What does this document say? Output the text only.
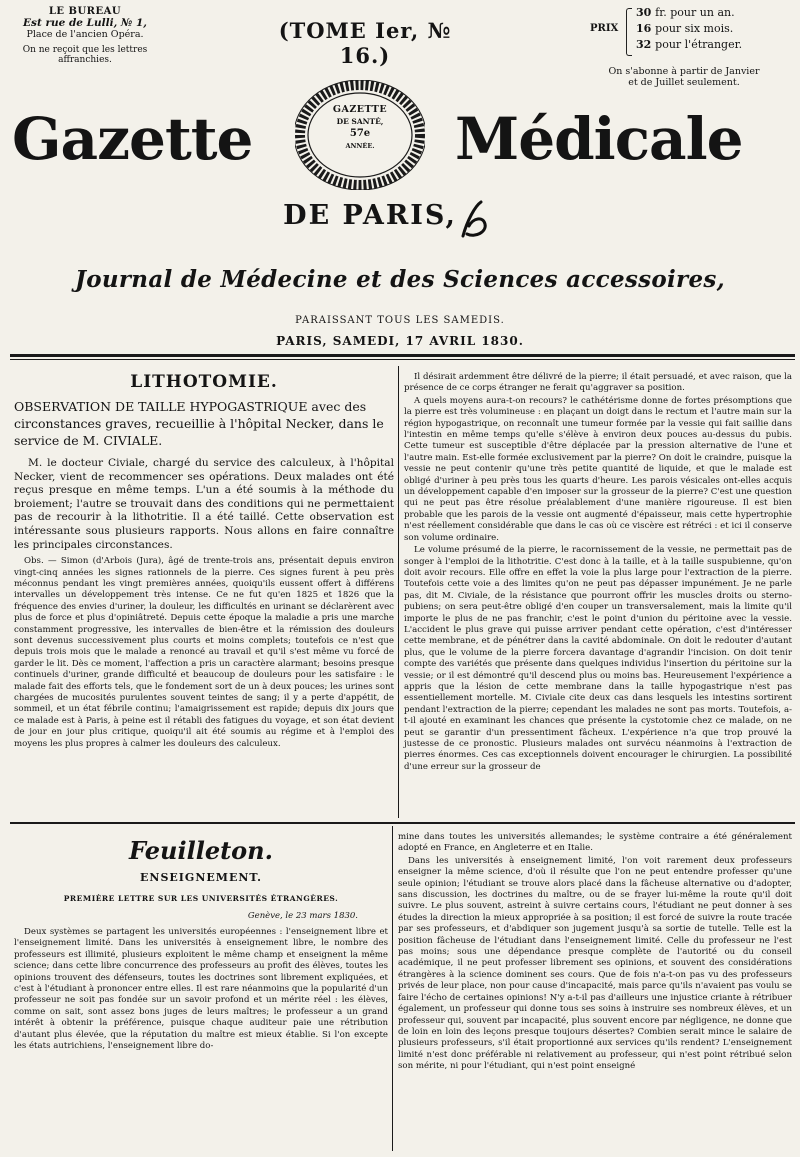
LE BUREAU
Est rue de Lulli, № 1,
Place de l'ancien Opéra.
On ne reçoit que les lettres
affranchies.
(TOME Ier, № 16.)
PRIX
30 fr. pour un an.
16 pour six mois.
32 pour l'étranger.
On s'abonne à partir de Janvier
et de Juillet seulement.
GAZETTE
DE SANTÉ,
57e
ANNÉE.
Gazette	Médicale
DE PARIS,
Journal de Médecine et des Sciences accessoires,
PARAISSANT TOUS LES SAMEDIS.
PARIS, SAMEDI, 17 AVRIL 1830.
LITHOTOMIE.

OBSERVATION DE TAILLE HYPOGASTRIQUE avec des circonstances graves, recueillie à l'hôpital Necker, dans le service de M. CIVIALE.

M. le docteur Civiale, chargé du service des calculeux, à l'hôpital Necker, vient de recommencer ses opérations. Deux malades ont été reçus presque en même temps. L'un a été soumis à la méthode du broiement; l'autre se trouvait dans des conditions qui ne permettaient pas de recourir à la lithotritie. Il a été taillé. Cette observation est intéressante sous plusieurs rapports. Nous allons en faire connaître les principales circonstances.

Obs. — Simon (d'Arbois (Jura), âgé de trente-trois ans, présentait depuis environ vingt-cinq années les signes rationnels de la pierre. Ces signes furent à peu près méconnus pendant les vingt premières années, quoiqu'ils eussent offert à différens intervalles un développement très intense. Ce ne fut qu'en 1825 et 1826 que la fréquence des envies d'uriner, la douleur, les difficultés en urinant se déclarèrent avec plus de force et plus d'opiniâtreté. Depuis cette époque la maladie a pris une marche constamment progressive, les intervalles de bien-être et la rémission des douleurs sont devenus successivement plus courts et moins complets; toutefois ce n'est que depuis trois mois que le malade a renoncé au travail et qu'il s'est même vu forcé de garder le lit. Dès ce moment, l'affection a pris un caractère alarmant; besoins presque continuels d'uriner, grande difficulté et beaucoup de douleurs pour les satisfaire : le malade fait des efforts tels, que le fondement sort de un à deux pouces; les urines sont chargées de mucosités purulentes souvent teintes de sang; il y a perte d'appétit, de sommeil, et un état fébrile continu; l'amaigrissement est rapide; depuis dix jours que ce malade est à Paris, à peine est il rétabli des fatigues du voyage, et son état devient de jour en jour plus critique, quoiqu'il ait été soumis au régime et à l'emploi des moyens les plus propres à calmer les douleurs des calculeux.

Il désirait ardemment être délivré de la pierre; il était persuadé, et avec raison, que la présence de ce corps étranger ne ferait qu'aggraver sa position.

A quels moyens aura-t-on recours? le cathétérisme donne de fortes présomptions que la pierre est très volumineuse : en plaçant un doigt dans le rectum et l'autre main sur la région hypogastrique, on reconnaît une tumeur formée par la vessie qui fait saillie dans l'intestin en même temps qu'elle s'élève à environ deux pouces au-dessus du pubis. Cette tumeur est susceptible d'être déplacée par la pression alternative de l'une et l'autre main. Est-elle formée exclusivement par la pierre? On doit le craindre, puisque la vessie ne peut contenir qu'une très petite quantité de liquide, et que le malade est obligé d'uriner à peu près tous les quarts d'heure. Les parois vésicales ont-elles acquis un développement capable d'en imposer sur la grosseur de la pierre? C'est une question qui ne peut pas être résolue préalablement d'une manière rigoureuse. Il est bien probable que les parois de la vessie ont augmenté d'épaisseur, mais cette hypertrophie n'est réellement considérable que dans le cas où ce viscère est rétréci : et ici il conserve son volume ordinaire.

Le volume présumé de la pierre, le racornissement de la vessie, ne permettait pas de songer à l'emploi de la lithotritie. C'est donc à la taille, et à la taille suspubienne, qu'on doit avoir recours. Elle offre en effet la voie la plus large pour l'extraction de la pierre. Toutefois cette voie a des limites qu'on ne peut pas dépasser impunément. Je ne parle pas, dit M. Civiale, de la résistance que pourront offrir les muscles droits ou sterno-pubiens; on sera peut-être obligé d'en couper un transversalement, mais la limite qu'il importe le plus de ne pas franchir, c'est le point d'union du péritoine avec la vessie. L'accident le plus grave qui puisse arriver pendant cette opération, c'est d'intéresser cette membrane, et de pénétrer dans la cavité abdominale. On doit le redouter d'autant plus, que le volume de la pierre forcera davantage d'agrandir l'incision. On doit tenir compte des variétés que présente dans quelques individus l'insertion du péritoine sur la vessie; or il est démontré qu'il descend plus ou moins bas. Heureusement l'expérience a appris que la lésion de cette membrane dans la taille hypogastrique n'est pas essentiellement mortelle. M. Civiale cite deux cas dans lesquels les intestins sortirent pendant l'extraction de la pierre; cependant les malades ne sont pas morts. Toutefois, a-t-il ajouté en examinant les chances que présente la cystotomie chez ce malade, on ne peut se garantir d'un pressentiment fâcheux. L'expérience n'a que trop prouvé la justesse de ce pronostic. Plusieurs malades ont survécu néanmoins à l'extraction de pierres énormes. Ces cas exceptionnels doivent encourager le chirurgien. La possibilité d'une erreur sur la grosseur de

Feuilleton.
ENSEIGNEMENT.
PREMIÈRE LETTRE SUR LES UNIVERSITÉS ÉTRANGÈRES.
Genève, le 23 mars 1830.

Deux systèmes se partagent les universités européennes : l'enseignement libre et l'enseignement limité. Dans les universités à enseignement libre, le nombre des professeurs est illimité, plusieurs exploitent le même champ et enseignent la même science; dans cette libre concurrence des professeurs au profit des élèves, toutes les opinions trouvent des défenseurs, toutes les doctrines sont librement expliquées, et c'est à l'étudiant à prononcer entre elles. Il est rare néanmoins que la popularité d'un professeur ne soit pas fondée sur un savoir profond et un mérite réel : les élèves, comme on sait, sont assez bons juges de leurs maîtres; le professeur a un grand intérêt à obtenir la préférence, puisque chaque auditeur paie une rétribution d'autant plus élevée, que la réputation du maître est mieux établie. Si l'on excepte les états autrichiens, l'enseignement libre do-

mine dans toutes les universités allemandes; le système contraire a été généralement adopté en France, en Angleterre et en Italie.

Dans les universités à enseignement limité, l'on voit rarement deux professeurs enseigner la même science, d'où il résulte que l'on ne peut entendre professer qu'une seule opinion; l'étudiant se trouve alors placé dans la fâcheuse alternative ou d'adopter, sans discussion, les doctrines du maître, ou de se frayer lui-même la route qu'il doit suivre. Le plus souvent, astreint à suivre certains cours, l'étudiant ne peut donner à ses études la direction la mieux appropriée à sa position; il est forcé de suivre la route tracée par ses professeurs, et d'abdiquer son jugement jusqu'à sa sortie de tutelle. Telle est la position fâcheuse de l'étudiant dans l'enseignement limité. Celle du professeur ne l'est pas moins; sous une dépendance presque complète de l'autorité ou du conseil académique, il ne peut professer librement ses opinions, et souvent des considérations étrangères à la science dominent ses cours. Que de fois n'a-t-on pas vu des professeurs privés de leur place, non pour cause d'incapacité, mais parce qu'ils n'avaient pas voulu se faire l'écho de certaines opinions! N'y a-t-il pas d'ailleurs une injustice criante à rétribuer également, un professeur qui donne tous ses soins à instruire ses nombreux élèves, et un professeur qui, souvent par incapacité, plus souvent encore par négligence, ne donne que de loin en loin des leçons presque toujours désertes? Combien serait mince le salaire de plusieurs professeurs, s'il était proportionné aux services qu'ils rendent? L'enseignement limité n'est donc préférable ni relativement au professeur, qui n'est point rétribué selon son mérite, ni pour l'étudiant, qui n'est point enseigné
